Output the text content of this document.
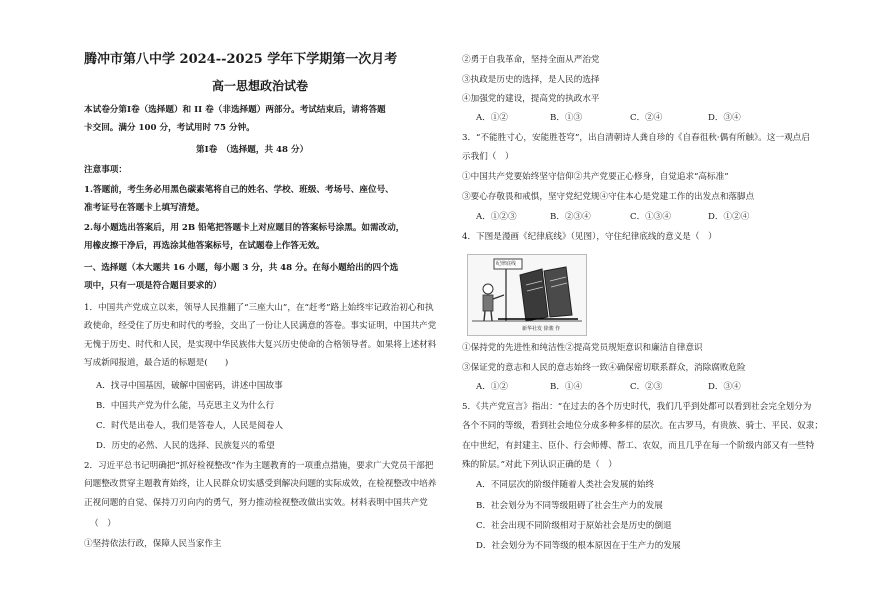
腾冲市第八中学 2024--2025 学年下学期第一次月考
高一思想政治试卷
本试卷分第Ⅰ卷（选择题）和 II 卷（非选择题）两部分。考试结束后，请将答题
卡交回。满分 100 分，考试用时 75 分钟。
第Ⅰ卷　（选择题，共 48 分）
注意事项：
1.答题前，考生务必用黑色碳素笔将自己的姓名、学校、班级、考场号、座位号、
准考证号在答题卡上填写清楚。
2.每小题选出答案后，用 2B 铅笔把答题卡上对应题目的答案标号涂黑。如需改动，
用橡皮擦干净后，再选涂其他答案标号，在试题卷上作答无效。
一、选择题（本大题共 16 小题，每小题 3 分，共 48 分。在每小题给出的四个选
项中，只有一项是符合题目要求的）
1．中国共产党成立以来，领导人民推翻了“三座大山”，在“赶考”路上始终牢记政治初心和执
政使命，经受住了历史和时代的考验，交出了一份让人民满意的答卷。事实证明，中国共产党
无愧于历史、时代和人民，是实现中华民族伟大复兴历史使命的合格领导者。如果将上述材料
写成新闻报道，最合适的标题是(　　)
A．找寻中国基因，破解中国密码，讲述中国故事
B．中国共产党为什么能，马克思主义为什么行
C．时代是出卷人，我们是答卷人，人民是阅卷人
D．历史的必然、人民的选择、民族复兴的希望
2．习近平总书记明确把“抓好检视整改”作为主题教育的一项重点措施，要求广大党员干部把
问题整改贯穿主题教育始终，让人民群众切实感受到解决问题的实际成效，在检视整改中培养
正视问题的自觉、保持刀刃向内的勇气，努力推动检视整改做出实效。材料表明中国共产党
（　）
①坚持依法行政，保障人民当家作主
②勇于自我革命，坚持全面从严治党
③执政是历史的选择，是人民的选择
④加强党的建设，提高党的执政水平
A．①②	B．①③	C．②④	D．③④
3．“不能胜寸心，安能胜苍穹”，出自清朝诗人龚自珍的《自春徂秋·偶有所触》。这一观点启
示我们（　）
①中国共产党要始终坚守信仰②共产党要正心修身，自觉追求“高标准”
③要心存敬畏和戒惧，坚守党纪党规④守住本心是党建工作的出发点和落脚点
A．①②③	B．②③④	C．①③④	D．①②④
4．下图是漫画《纪律底线》（见图），守住纪律底线的意义是（　）
①保持党的先进性和纯洁性②提高党员规矩意识和廉洁自律意识
③保证党的意志和人民的意志始终一致④确保密切联系群众，消除腐败危险
A．①②	B．①④	C．②③	D．③④
5．《共产党宣言》指出：“在过去的各个历史时代，我们几乎到处都可以看到社会完全划分为
各个不同的等级，看到社会地位分成多种多样的层次。在古罗马，有贵族、骑士、平民、奴隶；
在中世纪，有封建主、臣仆、行会师傅、帮工、农奴，而且几乎在每一个阶级内部又有一些特
殊的阶层。”对此下列认识正确的是（　）
A．不同层次的阶级伴随着人类社会发展的始终
B．社会划分为不同等级阻碍了社会生产力的发展
C．社会出现不同阶级相对于原始社会是历史的倒退
D．社会划分为不同等级的根本原因在于生产力的发展
纪律底线
新华社发 徐骏 作
